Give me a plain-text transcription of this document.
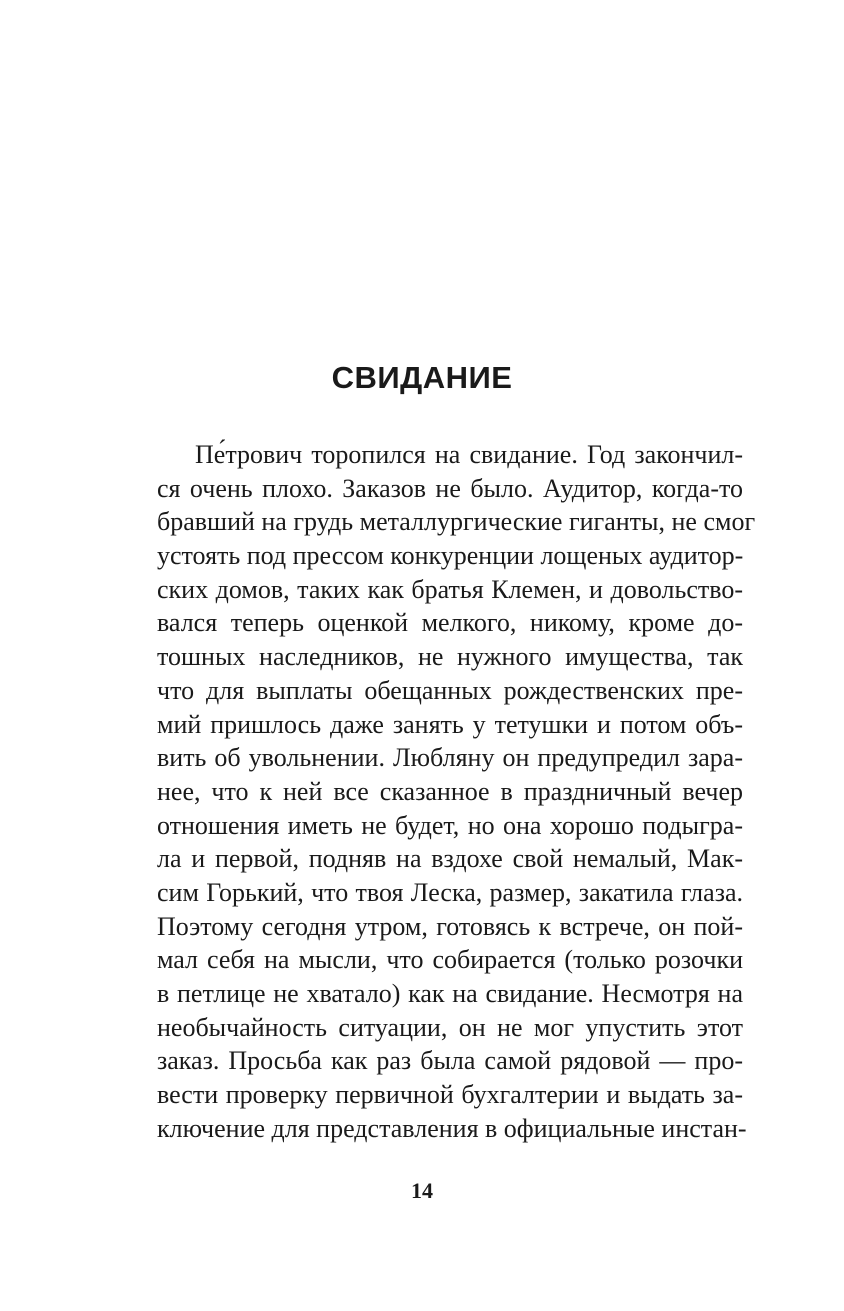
СВИДАНИЕ
Пе́трович торопился на свидание. Год закончил-
ся очень плохо. Заказов не было. Аудитор, когда-то
бравший на грудь металлургические гиганты, не смог
устоять под прессом конкуренции лощеных аудитор-
ских домов, таких как братья Клемен, и довольство-
вался теперь оценкой мелкого, никому, кроме до-
тошных наследников, не нужного имущества, так
что для выплаты обещанных рождественских пре-
мий пришлось даже занять у тетушки и потом объ-
вить об увольнении. Любляну он предупредил зара-
нее, что к ней все сказанное в праздничный вечер
отношения иметь не будет, но она хорошо подыгра-
ла и первой, подняв на вздохе свой немалый, Мак-
сим Горький, что твоя Леска, размер, закатила глаза.
Поэтому сегодня утром, готовясь к встрече, он пой-
мал себя на мысли, что собирается (только розочки
в петлице не хватало) как на свидание. Несмотря на
необычайность ситуации, он не мог упустить этот
заказ. Просьба как раз была самой рядовой — про-
вести проверку первичной бухгалтерии и выдать за-
ключение для представления в официальные инстан-
14
